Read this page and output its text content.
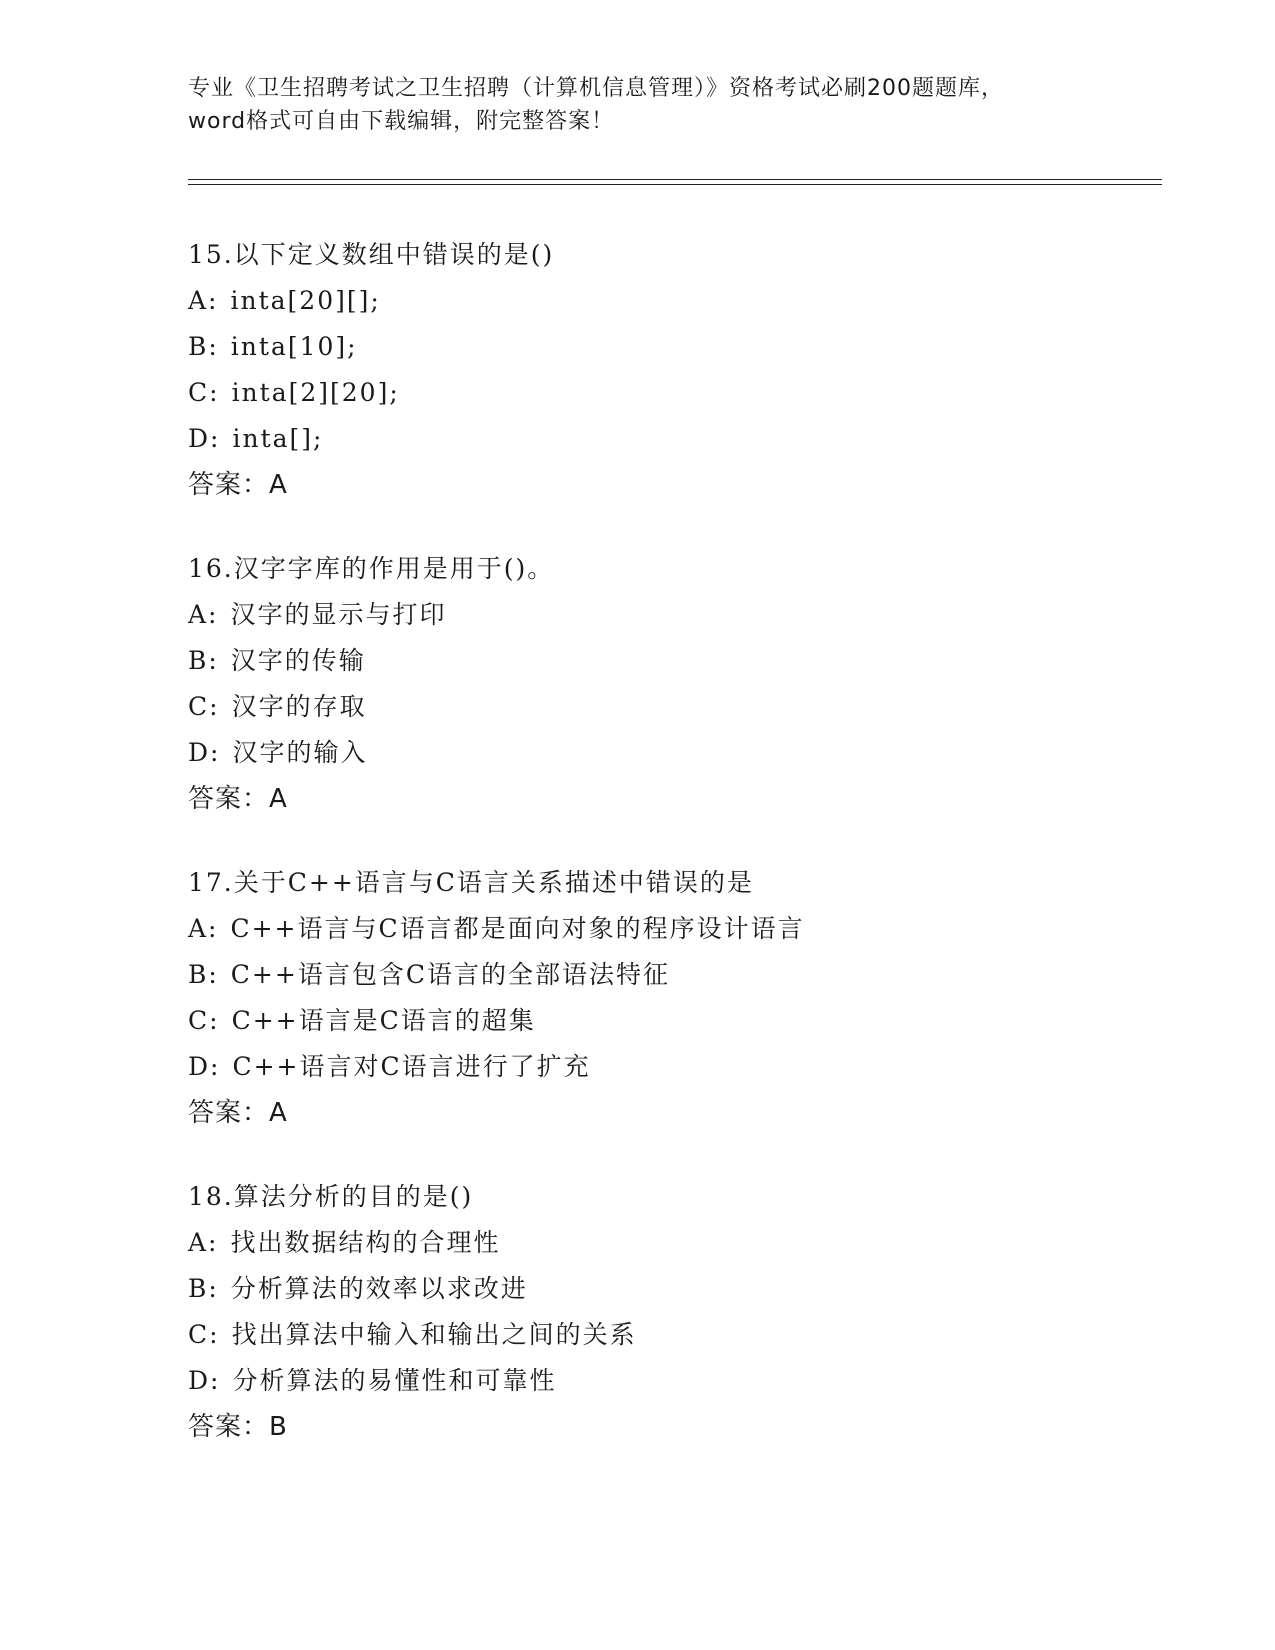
专业《卫生招聘考试之卫生招聘（计算机信息管理）》资格考试必刷200题题库，
word格式可自由下载编辑，附完整答案！
15.以下定义数组中错误的是()
A: inta[20][];
B: inta[10];
C: inta[2][20];
D: inta[];
答案：A
16.汉字字库的作用是用于()。
A: 汉字的显示与打印
B: 汉字的传输
C: 汉字的存取
D: 汉字的输入
答案：A
17.关于C++语言与C语言关系描述中错误的是
A: C++语言与C语言都是面向对象的程序设计语言
B: C++语言包含C语言的全部语法特征
C: C++语言是C语言的超集
D: C++语言对C语言进行了扩充
答案：A
18.算法分析的目的是()
A: 找出数据结构的合理性
B: 分析算法的效率以求改进
C: 找出算法中输入和输出之间的关系
D: 分析算法的易懂性和可靠性
答案：B
